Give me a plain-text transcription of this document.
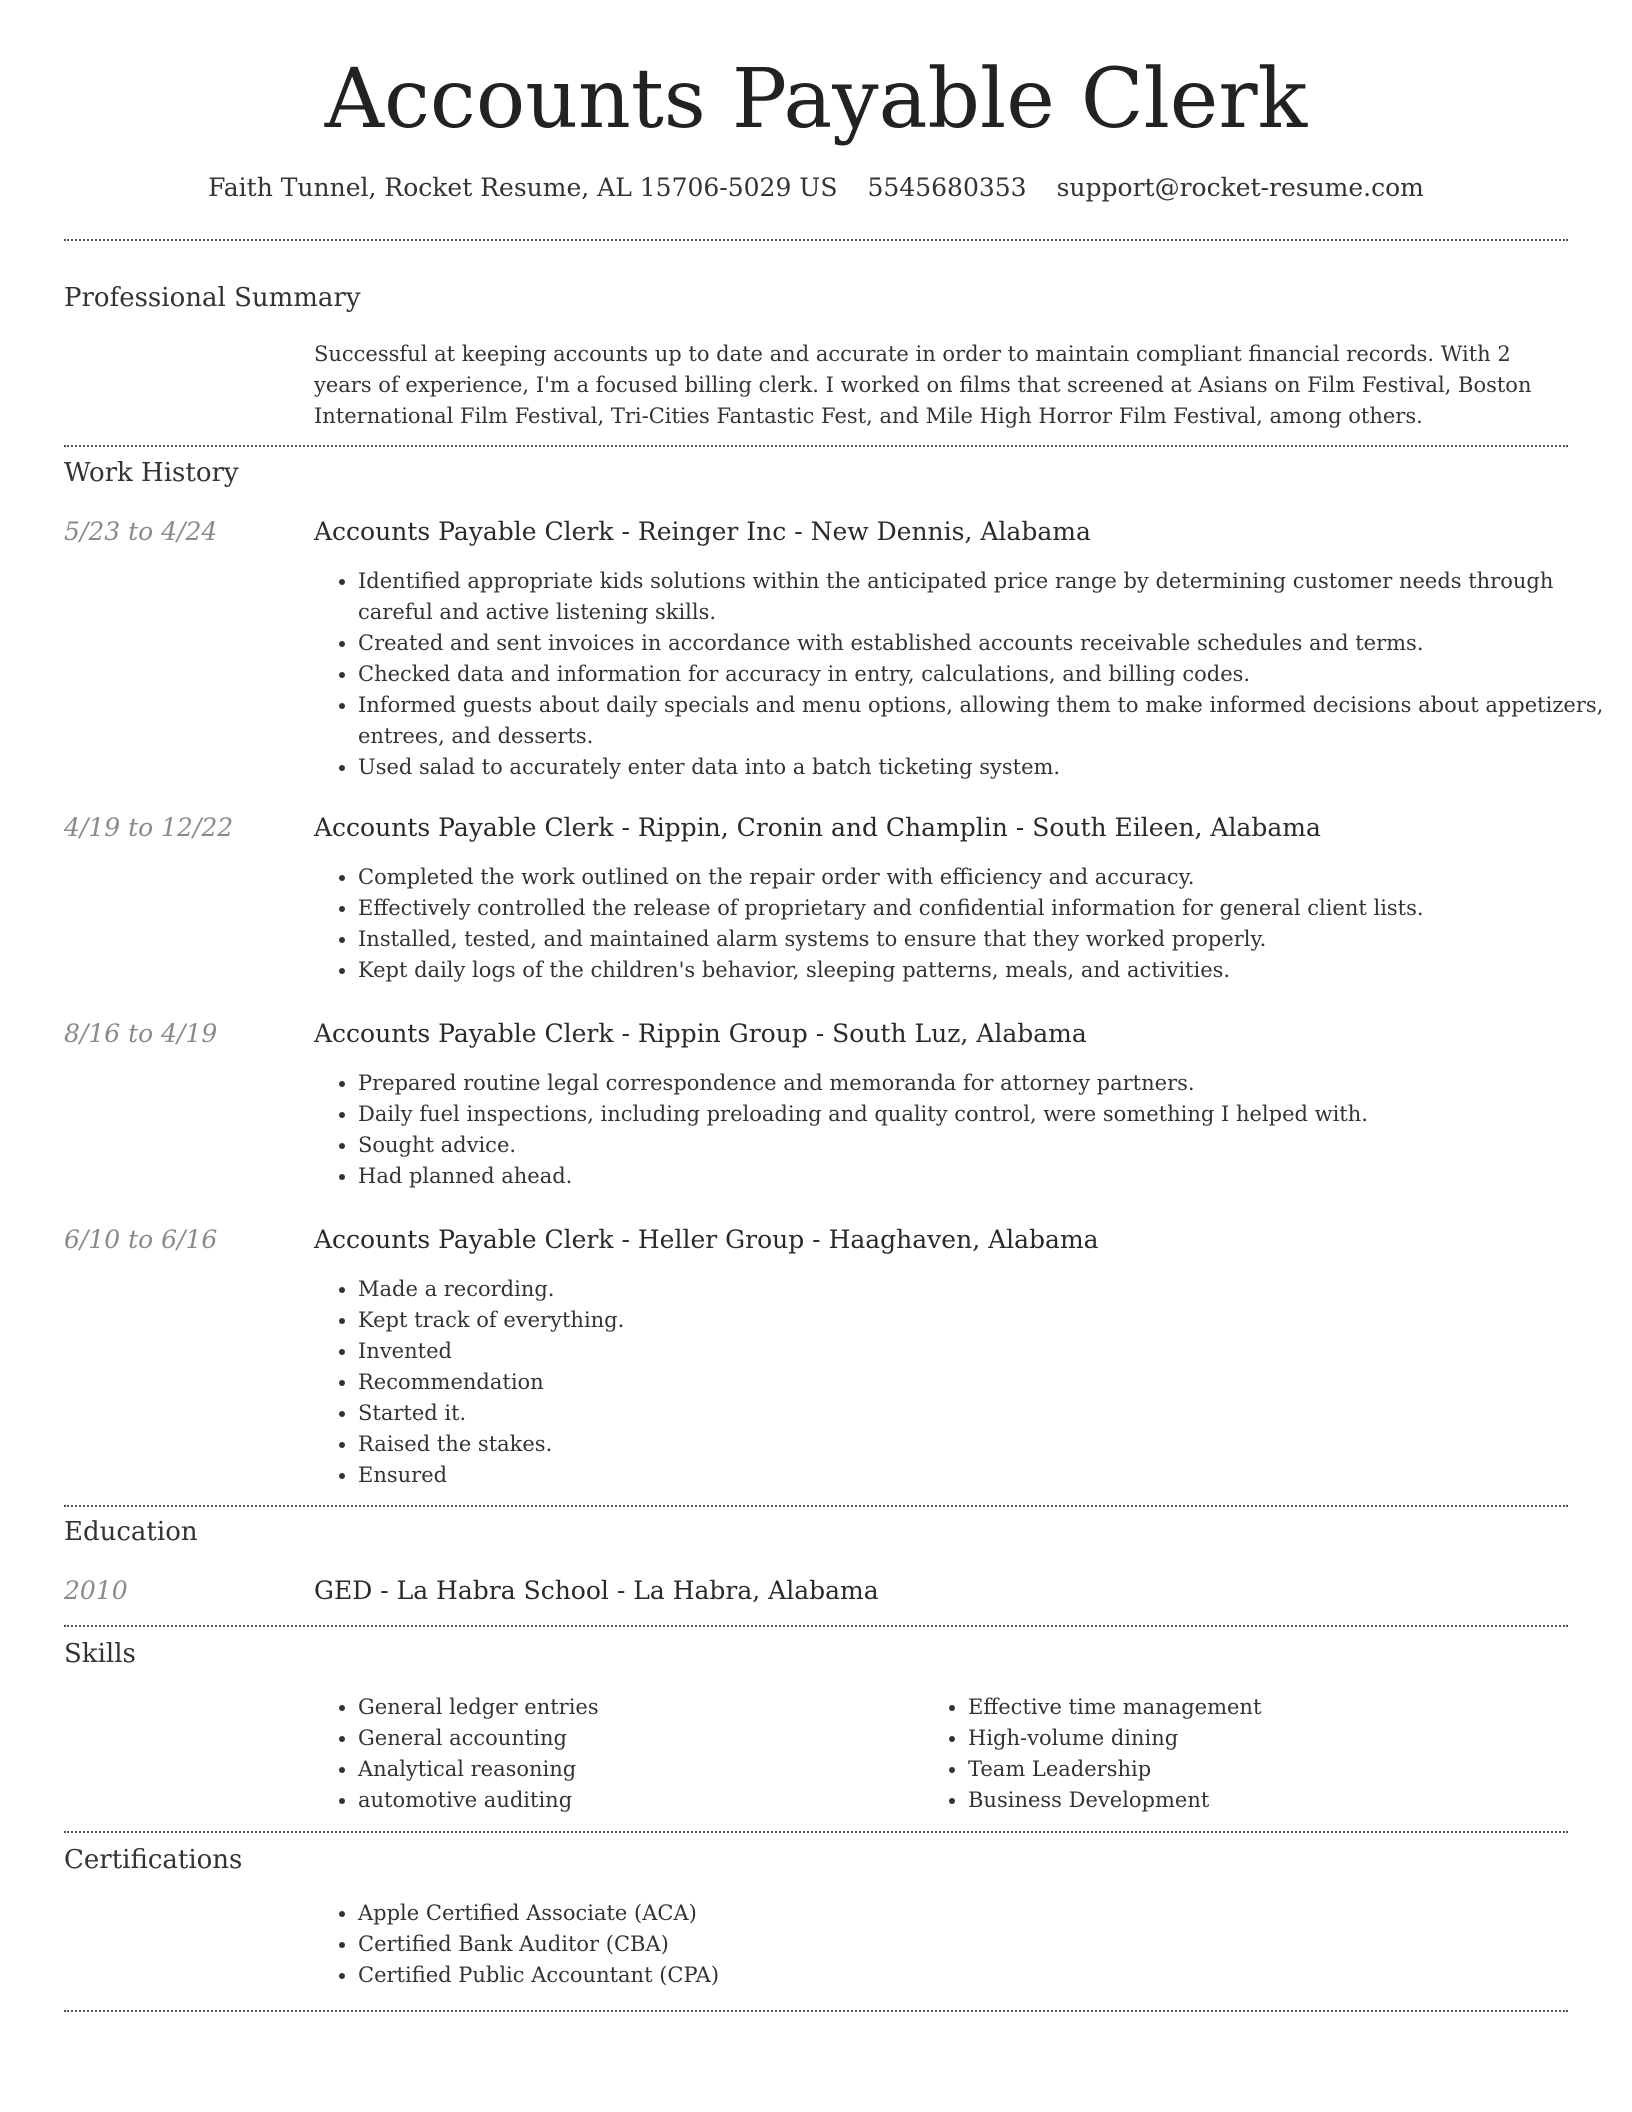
Accounts Payable Clerk
Faith Tunnel, Rocket Resume, AL 15706-5029 US 5545680353 support@rocket-resume.com
Professional Summary
Successful at keeping accounts up to date and accurate in order to maintain compliant financial records. With 2 years of experience, I'm a focused billing clerk. I worked on films that screened at Asians on Film Festival, Boston International Film Festival, Tri-Cities Fantastic Fest, and Mile High Horror Film Festival, among others.
Work History
5/23 to 4/24	Accounts Payable Clerk - Reinger Inc - New Dennis, Alabama
• Identified appropriate kids solutions within the anticipated price range by determining customer needs through careful and active listening skills.
• Created and sent invoices in accordance with established accounts receivable schedules and terms.
• Checked data and information for accuracy in entry, calculations, and billing codes.
• Informed guests about daily specials and menu options, allowing them to make informed decisions about appetizers, entrees, and desserts.
• Used salad to accurately enter data into a batch ticketing system.
4/19 to 12/22	Accounts Payable Clerk - Rippin, Cronin and Champlin - South Eileen, Alabama
• Completed the work outlined on the repair order with efficiency and accuracy.
• Effectively controlled the release of proprietary and confidential information for general client lists.
• Installed, tested, and maintained alarm systems to ensure that they worked properly.
• Kept daily logs of the children's behavior, sleeping patterns, meals, and activities.
8/16 to 4/19	Accounts Payable Clerk - Rippin Group - South Luz, Alabama
• Prepared routine legal correspondence and memoranda for attorney partners.
• Daily fuel inspections, including preloading and quality control, were something I helped with.
• Sought advice.
• Had planned ahead.
6/10 to 6/16	Accounts Payable Clerk - Heller Group - Haaghaven, Alabama
• Made a recording.
• Kept track of everything.
• Invented
• Recommendation
• Started it.
• Raised the stakes.
• Ensured
Education
2010	GED - La Habra School - La Habra, Alabama
Skills
• General ledger entries
• General accounting
• Analytical reasoning
• automotive auditing
• Effective time management
• High-volume dining
• Team Leadership
• Business Development
Certifications
• Apple Certified Associate (ACA)
• Certified Bank Auditor (CBA)
• Certified Public Accountant (CPA)
